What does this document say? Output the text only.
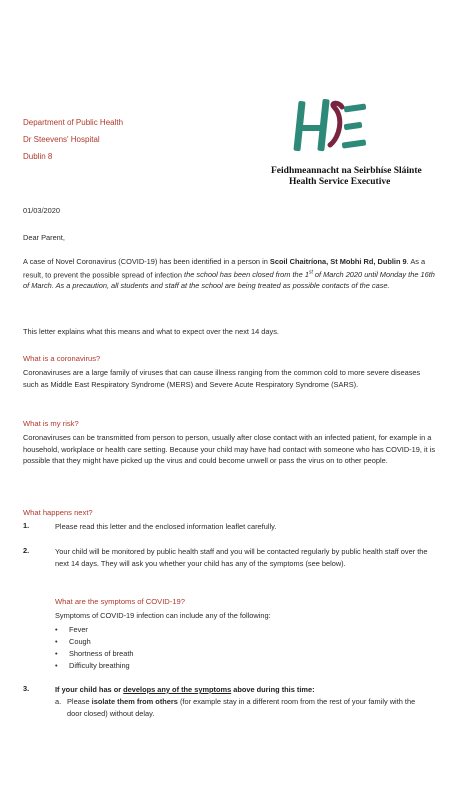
Department of Public Health
Dr Steevens' Hospital
Dublin 8
Feidhmeannacht na Seirbhíse Sláinte
Health Service Executive
01/03/2020
Dear Parent,
A case of Novel Coronavirus (COVID-19) has been identified in a person in Scoil Chaitríona, St Mobhi Rd, Dublin 9. As a result, to prevent the possible spread of infection the school has been closed from the 1st of March 2020 until Monday the 16th of March. As a precaution, all students and staff at the school are being treated as possible contacts of the case.
This letter explains what this means and what to expect over the next 14 days.
What is a coronavirus?
Coronaviruses are a large family of viruses that can cause illness ranging from the common cold to more severe diseases such as Middle East Respiratory Syndrome (MERS) and Severe Acute Respiratory Syndrome (SARS).
What is my risk?
Coronaviruses can be transmitted from person to person, usually after close contact with an infected patient, for example in a household, workplace or health care setting. Because your child may have had contact with someone who has COVID-19, it is possible that they might have picked up the virus and could become unwell or pass the virus on to other people.
What happens next?
1.	Please read this letter and the enclosed information leaflet carefully.
2.	Your child will be monitored by public health staff and you will be contacted regularly by public health staff over the next 14 days. They will ask you whether your child has any of the symptoms (see below).
What are the symptoms of COVID-19?
Symptoms of COVID-19 infection can include any of the following:
• Fever
• Cough
• Shortness of breath
• Difficulty breathing
3.	If your child has or develops any of the symptoms above during this time:
a. Please isolate them from others (for example stay in a different room from the rest of your family with the door closed) without delay.
